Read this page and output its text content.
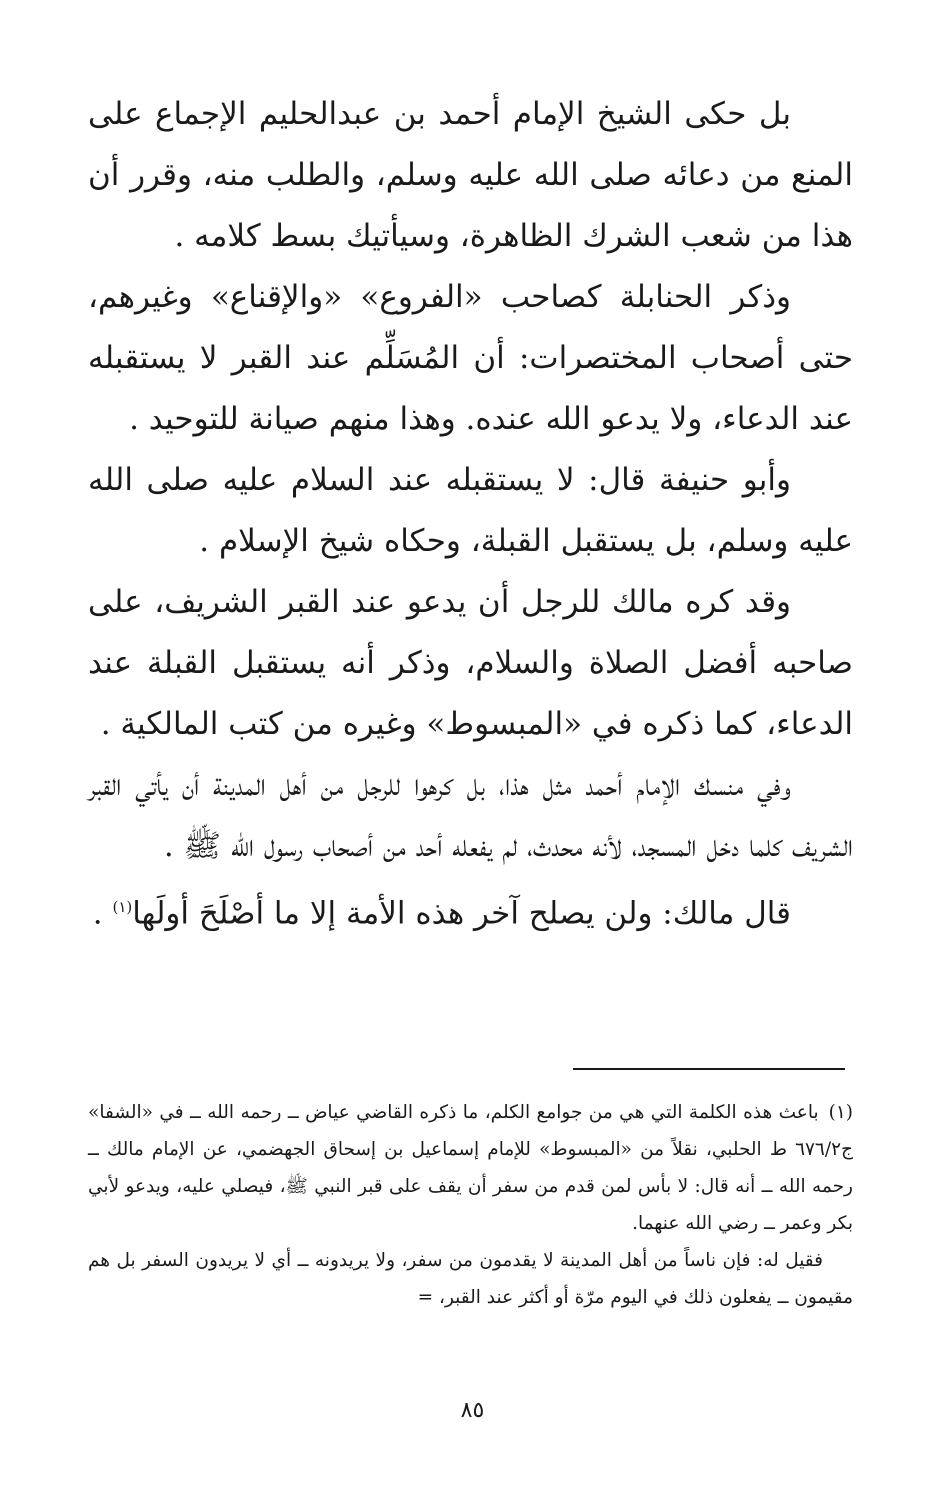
بل حكى الشيخ الإمام أحمد بن عبدالحليم الإجماع على المنع من دعائه صلى الله عليه وسلم، والطلب منه، وقرر أن هذا من شعب الشرك الظاهرة، وسيأتيك بسط كلامه .

وذكر الحنابلة كصاحب «الفروع» «والإقناع» وغيرهم، حتى أصحاب المختصرات: أن المُسَلِّم عند القبر لا يستقبله عند الدعاء، ولا يدعو الله عنده. وهذا منهم صيانة للتوحيد .

وأبو حنيفة قال: لا يستقبله عند السلام عليه صلى الله عليه وسلم، بل يستقبل القبلة، وحكاه شيخ الإسلام .

وقد كره مالك للرجل أن يدعو عند القبر الشريف، على صاحبه أفضل الصلاة والسلام، وذكر أنه يستقبل القبلة عند الدعاء، كما ذكره في «المبسوط» وغيره من كتب المالكية .

وفي منسك الإمام أحمد مثل هذا، بل كرهوا للرجل من أهل المدينة أن يأتي القبر الشريف كلما دخل المسجد، لأنه محدث، لم يفعله أحد من أصحاب رسول الله ﷺ .

قال مالك: ولن يصلح آخر هذه الأمة إلا ما أصْلَحَ أولَها$^{(١)}$ .

(١)باعث هذه الكلمة التي هي من جوامع الكلم، ما ذكره القاضي عياض ــ رحمه الله ــ في «الشفا» ج٦٧٦/٢ ط الحلبي، نقلاً من «المبسوط» للإمام إسماعيل بن إسحاق الجهضمي، عن الإمام مالك ــ رحمه الله ــ أنه قال: لا بأس لمن قدم من سفر أن يقف على قبر النبي ﷺ، فيصلي عليه، ويدعو لأبي بكر وعمر ــ رضي الله عنهما.

فقيل له: فإن ناساً من أهل المدينة لا يقدمون من سفر، ولا يريدونه ــ أي لا يريدون السفر بل هم مقيمون ــ يفعلون ذلك في اليوم مرّة أو أكثر عند القبر، =

٨٥
